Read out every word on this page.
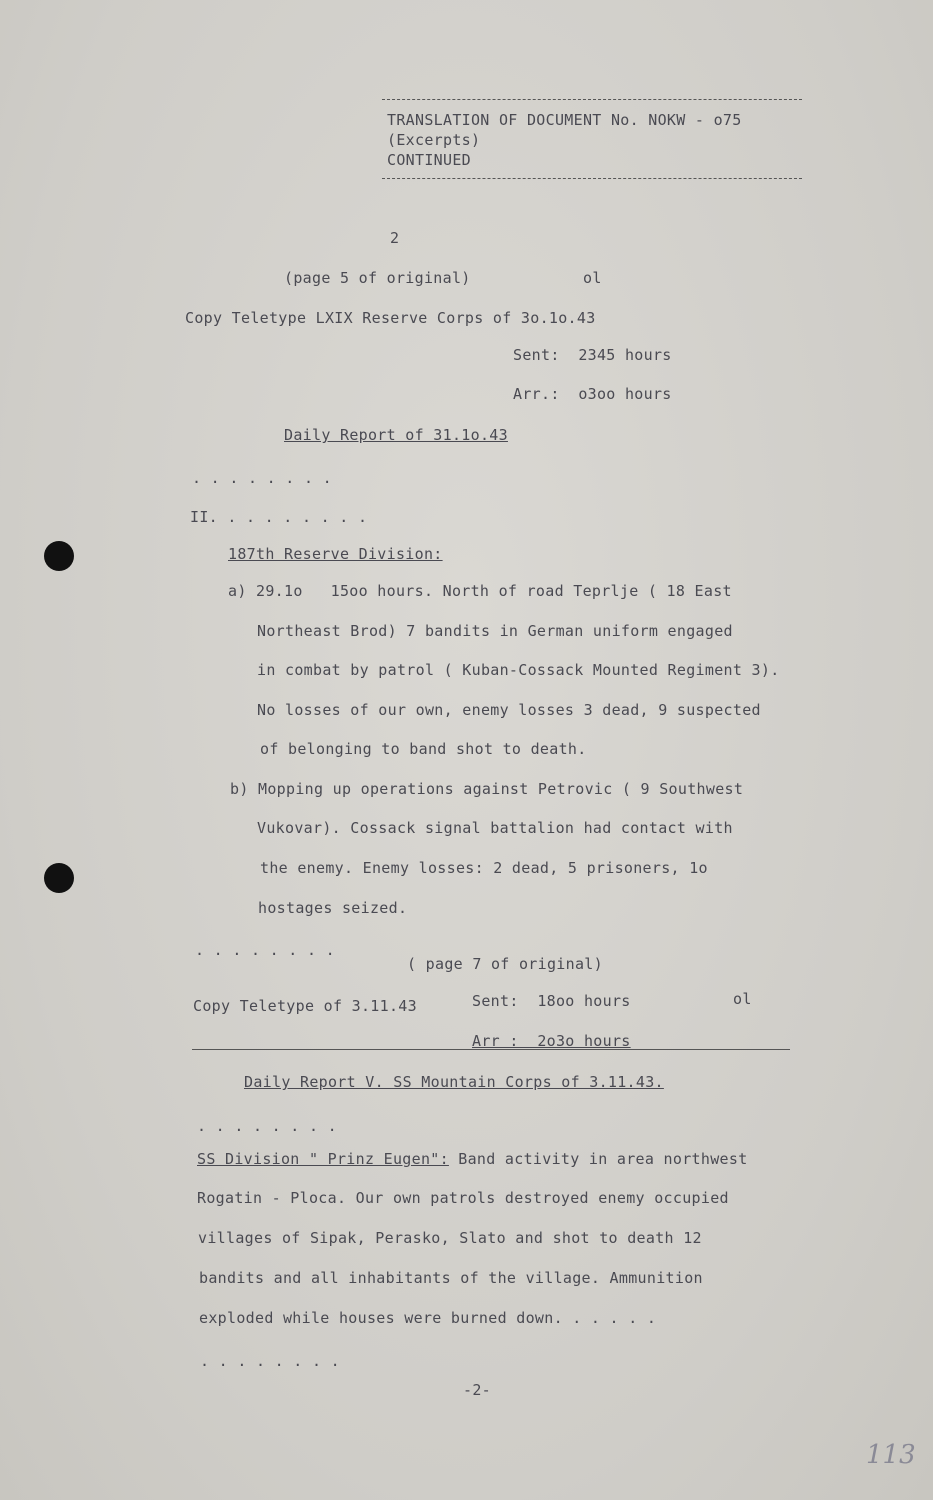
TRANSLATION OF DOCUMENT No. NOKW - o75
(Excerpts)
CONTINUED
2
(page 5 of original)	ol
Copy Teletype LXIX Reserve Corps of 3o.1o.43
Sent:  2345 hours
Arr.:  o3oo hours
Daily Report of 31.1o.43
. . . . . . . .
II. . . . . . . . .
187th Reserve Division:
a) 29.1o   15oo hours. North of road Teprlje ( 18 East
Northeast Brod) 7 bandits in German uniform engaged
in combat by patrol ( Kuban-Cossack Mounted Regiment 3).
No losses of our own, enemy losses 3 dead, 9 suspected
of belonging to band shot to death.
b) Mopping up operations against Petrovic ( 9 Southwest
Vukovar). Cossack signal battalion had contact with
the enemy. Enemy losses: 2 dead, 5 prisoners, 1o
hostages seized.
. . . . . . . .
( page 7 of original)
Copy Teletype of 3.11.43	Sent:  18oo hours	ol
Arr :  2o3o hours
Daily Report V. SS Mountain Corps of 3.11.43.
. . . . . . . .
SS Division " Prinz Eugen": Band activity in area northwest
Rogatin - Ploca. Our own patrols destroyed enemy occupied
villages of Sipak, Perasko, Slato and shot to death 12
bandits and all inhabitants of the village. Ammunition
exploded while houses were burned down. . . . . .
. . . . . . . .
-2-
113
